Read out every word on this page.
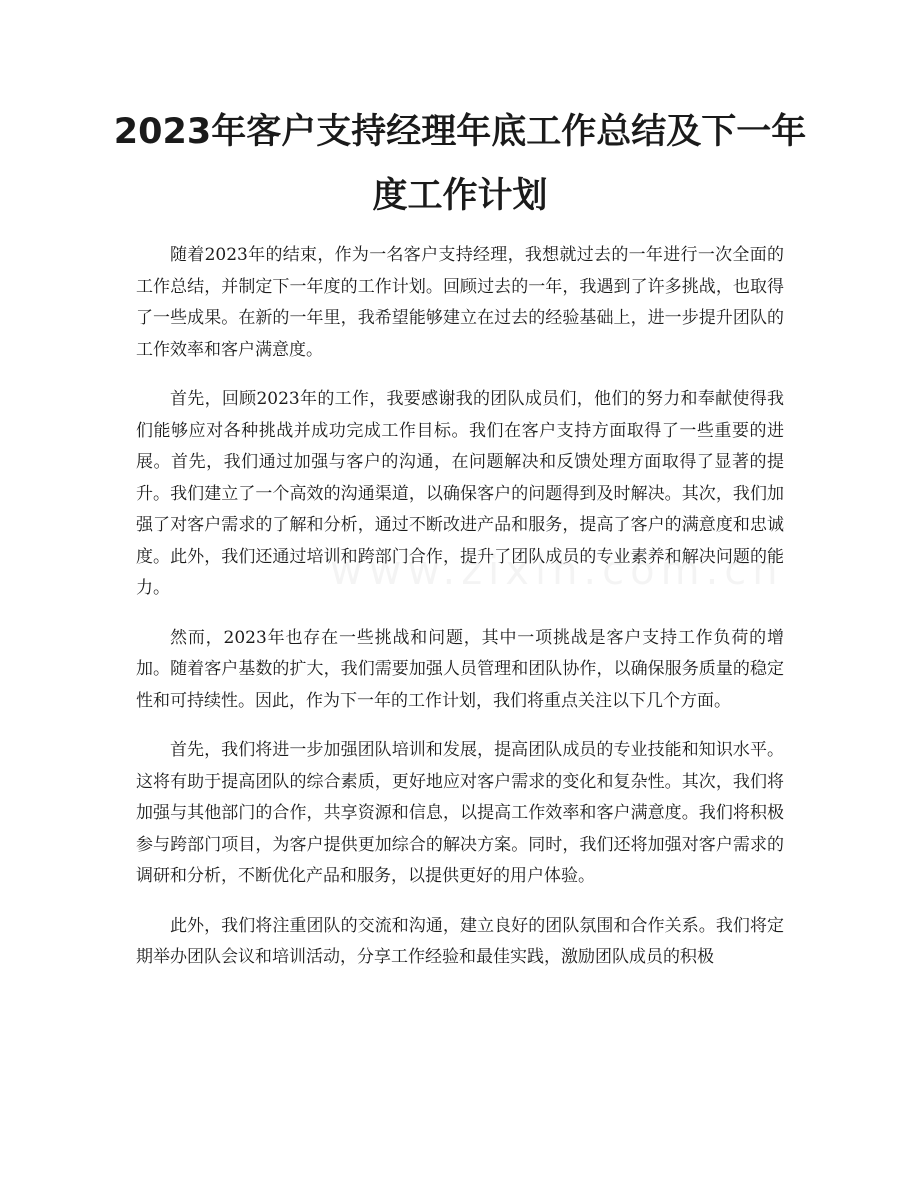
2023年客户支持经理年底工作总结及下一年度工作计划

随着2023年的结束，作为一名客户支持经理，我想就过去的一年进行一次全面的工作总结，并制定下一年度的工作计划。回顾过去的一年，我遇到了许多挑战，也取得了一些成果。在新的一年里，我希望能够建立在过去的经验基础上，进一步提升团队的工作效率和客户满意度。

首先，回顾2023年的工作，我要感谢我的团队成员们，他们的努力和奉献使得我们能够应对各种挑战并成功完成工作目标。我们在客户支持方面取得了一些重要的进展。首先，我们通过加强与客户的沟通，在问题解决和反馈处理方面取得了显著的提升。我们建立了一个高效的沟通渠道，以确保客户的问题得到及时解决。其次，我们加强了对客户需求的了解和分析，通过不断改进产品和服务，提高了客户的满意度和忠诚度。此外，我们还通过培训和跨部门合作，提升了团队成员的专业素养和解决问题的能力。

然而，2023年也存在一些挑战和问题，其中一项挑战是客户支持工作负荷的增加。随着客户基数的扩大，我们需要加强人员管理和团队协作，以确保服务质量的稳定性和可持续性。因此，作为下一年的工作计划，我们将重点关注以下几个方面。

首先，我们将进一步加强团队培训和发展，提高团队成员的专业技能和知识水平。这将有助于提高团队的综合素质，更好地应对客户需求的变化和复杂性。其次，我们将加强与其他部门的合作，共享资源和信息，以提高工作效率和客户满意度。我们将积极参与跨部门项目，为客户提供更加综合的解决方案。同时，我们还将加强对客户需求的调研和分析，不断优化产品和服务，以提供更好的用户体验。

此外，我们将注重团队的交流和沟通，建立良好的团队氛围和合作关系。我们将定期举办团队会议和培训活动，分享工作经验和最佳实践，激励团队成员的积极
